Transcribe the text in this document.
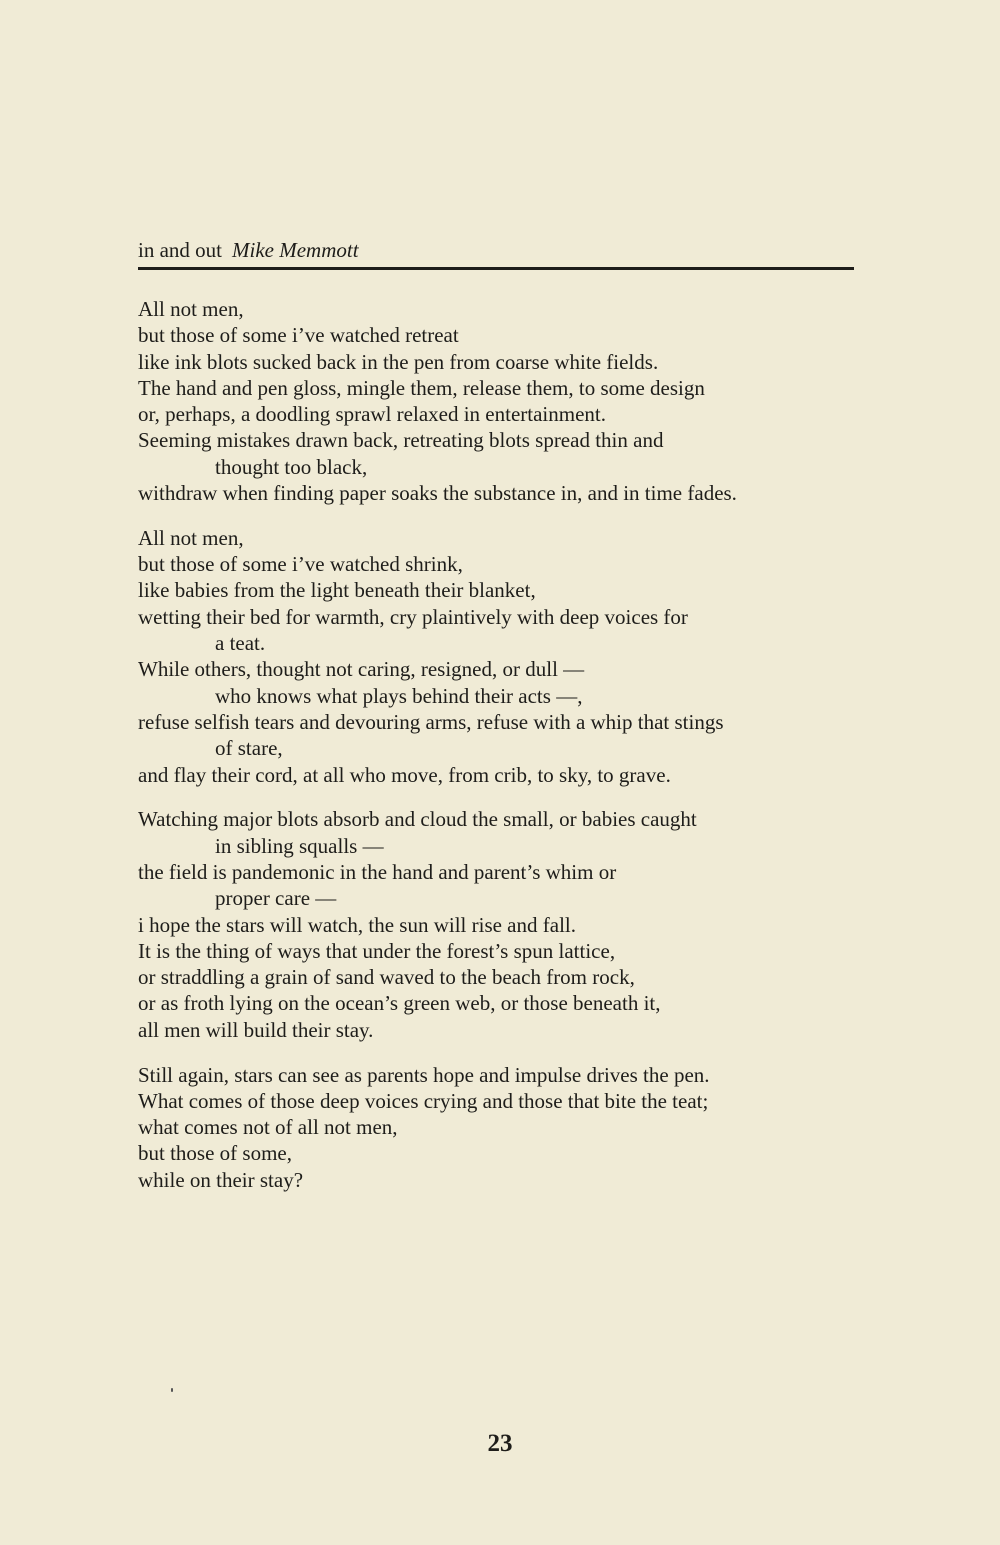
in and out Mike Memmott
All not men,
but those of some i’ve watched retreat
like ink blots sucked back in the pen from coarse white fields.
The hand and pen gloss, mingle them, release them, to some design
or, perhaps, a doodling sprawl relaxed in entertainment.
Seeming mistakes drawn back, retreating blots spread thin and
thought too black,
withdraw when finding paper soaks the substance in, and in time fades.
All not men,
but those of some i’ve watched shrink,
like babies from the light beneath their blanket,
wetting their bed for warmth, cry plaintively with deep voices for
a teat.
While others, thought not caring, resigned, or dull —
who knows what plays behind their acts —,
refuse selfish tears and devouring arms, refuse with a whip that stings
of stare,
and flay their cord, at all who move, from crib, to sky, to grave.
Watching major blots absorb and cloud the small, or babies caught
in sibling squalls —
the field is pandemonic in the hand and parent’s whim or
proper care —
i hope the stars will watch, the sun will rise and fall.
It is the thing of ways that under the forest’s spun lattice,
or straddling a grain of sand waved to the beach from rock,
or as froth lying on the ocean’s green web, or those beneath it,
all men will build their stay.
Still again, stars can see as parents hope and impulse drives the pen.
What comes of those deep voices crying and those that bite the teat;
what comes not of all not men,
but those of some,
while on their stay?
23
